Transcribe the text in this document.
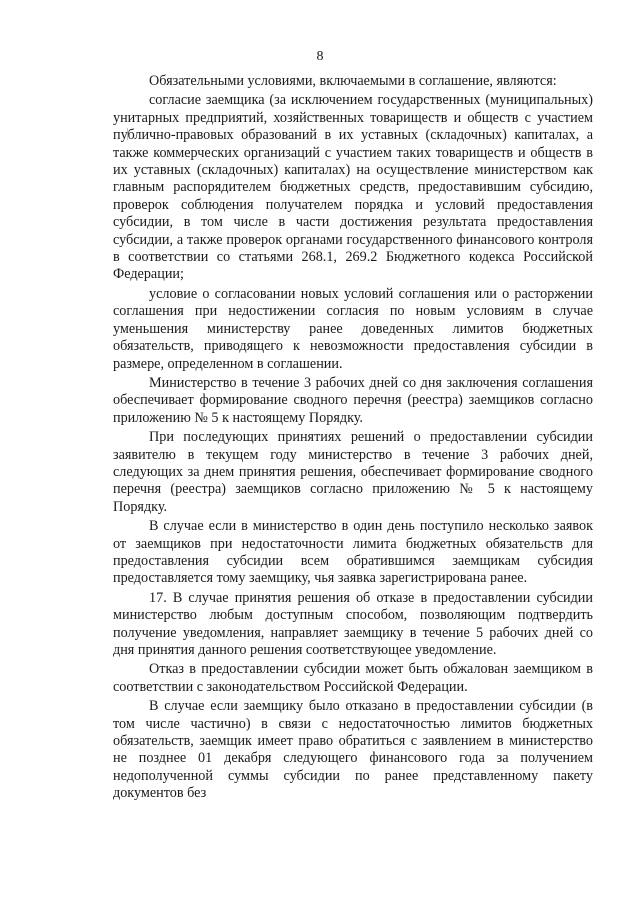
8

Обязательными условиями, включаемыми в соглашение, являются:

согласие заемщика (за исключением государственных (муниципальных) унитарных предприятий, хозяйственных товариществ и обществ с участием публично-правовых образований в их уставных (складочных) капиталах, а также коммерческих организаций с участием таких товариществ и обществ в их уставных (складочных) капиталах) на осуществление министерством как главным распорядителем бюджетных средств, предоставившим субсидию, проверок соблюдения получателем порядка и условий предоставления субсидии, в том числе в части достижения результата предоставления субсидии, а также проверок органами государственного финансового контроля в соответствии со статьями 268.1, 269.2 Бюджетного кодекса Российской Федерации;

условие о согласовании новых условий соглашения или о расторжении соглашения при недостижении согласия по новым условиям в случае уменьшения министерству ранее доведенных лимитов бюджетных обязательств, приводящего к невозможности предоставления субсидии в размере, определенном в соглашении.

Министерство в течение 3 рабочих дней со дня заключения соглашения обеспечивает формирование сводного перечня (реестра) заемщиков согласно приложению № 5 к настоящему Порядку.

При последующих принятиях решений о предоставлении субсидии заявителю в текущем году министерство в течение 3 рабочих дней, следующих за днем принятия решения, обеспечивает формирование сводного перечня (реестра) заемщиков согласно приложению № 5 к настоящему Порядку.

В случае если в министерство в один день поступило несколько заявок от заемщиков при недостаточности лимита бюджетных обязательств для предоставления субсидии всем обратившимся заемщикам субсидия предоставляется тому заемщику, чья заявка зарегистрирована ранее.

17. В случае принятия решения об отказе в предоставлении субсидии министерство любым доступным способом, позволяющим подтвердить получение уведомления, направляет заемщику в течение 5 рабочих дней со дня принятия данного решения соответствующее уведомление.

Отказ в предоставлении субсидии может быть обжалован заемщиком в соответствии с законодательством Российской Федерации.

В случае если заемщику было отказано в предоставлении субсидии (в том числе частично) в связи с недостаточностью лимитов бюджетных обязательств, заемщик имеет право обратиться с заявлением в министерство не позднее 01 декабря следующего финансового года за получением недополученной суммы субсидии по ранее представленному пакету документов без
